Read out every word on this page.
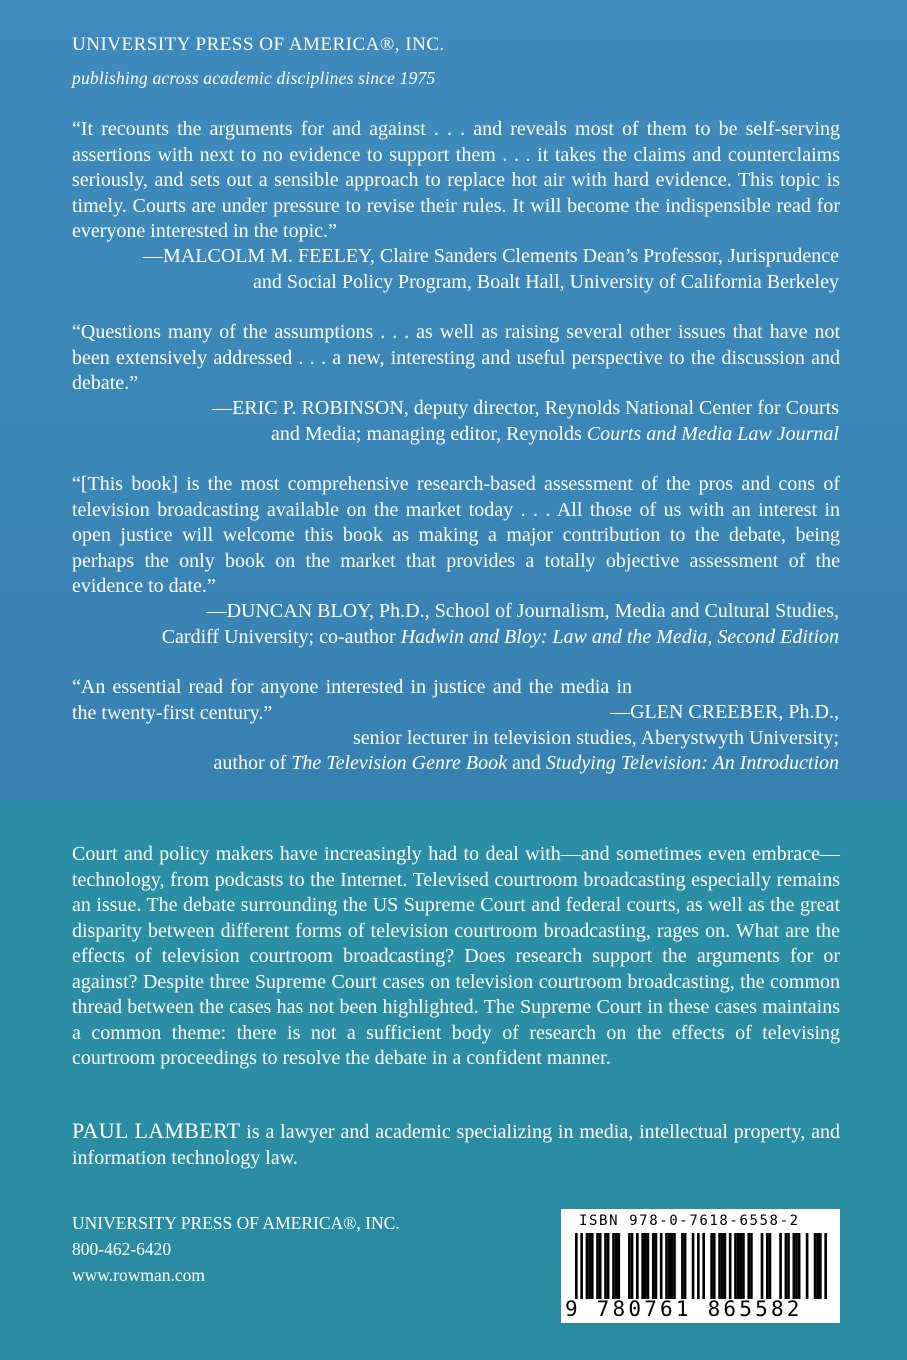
UNIVERSITY PRESS OF AMERICA®, INC.
publishing across academic disciplines since 1975
“It recounts the arguments for and against . . . and reveals most of them to be self-serving assertions with next to no evidence to support them . . . it takes the claims and counterclaims seriously, and sets out a sensible approach to replace hot air with hard evidence. This topic is timely. Courts are under pressure to revise their rules. It will become the indispensible read for everyone interested in the topic.”
—MALCOLM M. FEELEY, Claire Sanders Clements Dean’s Professor, Jurisprudence
and Social Policy Program, Boalt Hall, University of California Berkeley
“Questions many of the assumptions . . . as well as raising several other issues that have not been extensively addressed . . . a new, interesting and useful perspective to the discussion and debate.”
—ERIC P. ROBINSON, deputy director, Reynolds National Center for Courts
and Media; managing editor, Reynolds Courts and Media Law Journal
“[This book] is the most comprehensive research-based assessment of the pros and cons of television broadcasting available on the market today . . . All those of us with an interest in open justice will welcome this book as making a major contribution to the debate, being perhaps the only book on the market that provides a totally objective assessment of the evidence to date.”
—DUNCAN BLOY, Ph.D., School of Journalism, Media and Cultural Studies,
Cardiff University; co-author Hadwin and Bloy: Law and the Media, Second Edition
“An essential read for anyone interested in justice and the media in the twenty-first century.”	—GLEN CREEBER, Ph.D.,
senior lecturer in television studies, Aberystwyth University;
author of The Television Genre Book and Studying Television: An Introduction
Court and policy makers have increasingly had to deal with—and sometimes even embrace—technology, from podcasts to the Internet. Televised courtroom broadcasting especially remains an issue. The debate surrounding the US Supreme Court and federal courts, as well as the great disparity between different forms of television courtroom broadcasting, rages on. What are the effects of television courtroom broadcasting? Does research support the arguments for or against? Despite three Supreme Court cases on television courtroom broadcasting, the common thread between the cases has not been highlighted. The Supreme Court in these cases maintains a common theme: there is not a sufficient body of research on the effects of televising courtroom proceedings to resolve the debate in a confident manner.
PAUL LAMBERT is a lawyer and academic specializing in media, intellectual property, and information technology law.
UNIVERSITY PRESS OF AMERICA®, INC.
800-462-6420
www.rowman.com
ISBN 978-0-7618-6558-2
9 780761 865582
